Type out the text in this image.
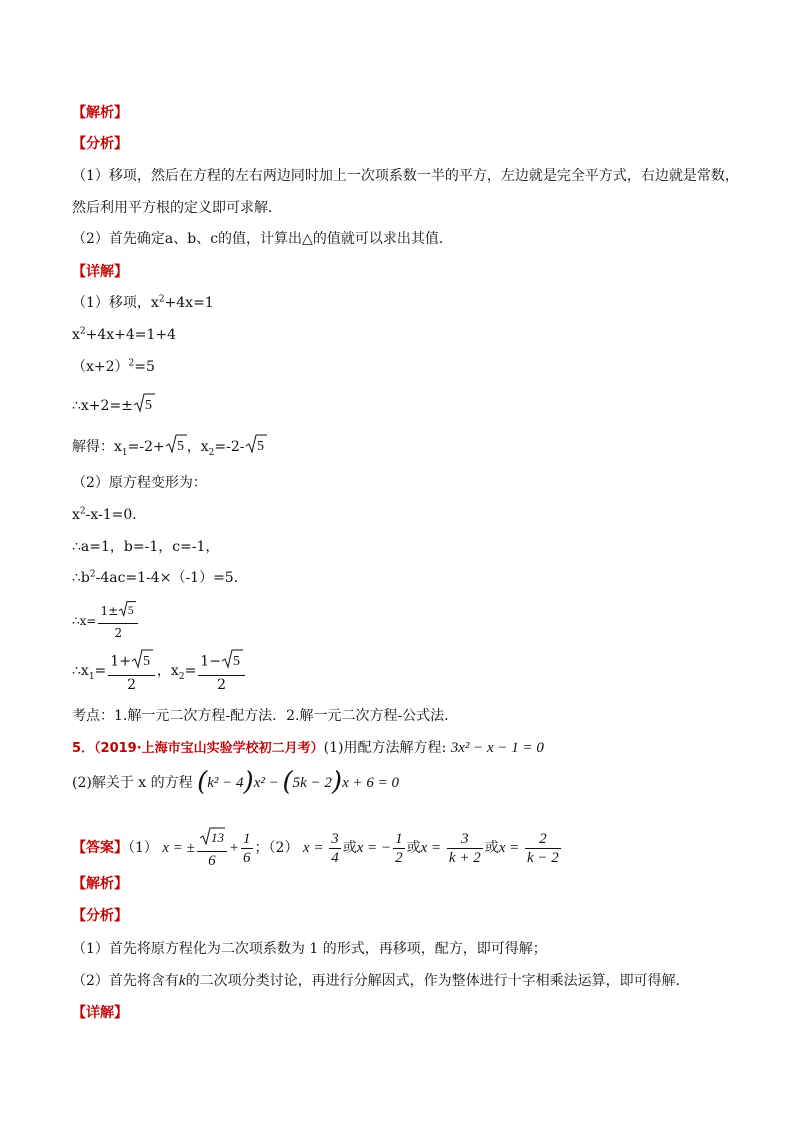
【解析】
【分析】
（1）移项，然后在方程的左右两边同时加上一次项系数一半的平方，左边就是完全平方式，右边就是常数，
然后利用平方根的定义即可求解．
（2）首先确定a、b、c的值，计算出△的值就可以求出其值．
【详解】
（1）移项，$x^2+4x=1$
$x^2+4x+4=1+4$
$(x+2)^2=5$
∴x+2=± 5
解得：$x_1=-2+ 5$ ，$x_2=-2-$ 5
（2）原方程变形为：
$x^2-x-1=0$．
∴a=1，b=-1，c=-1，
$\therefore b^2-4ac=1-4\times(-1)=5$．
∴x= $\frac{1\pm 5}{2}$
$\therefore x_1= \frac{1+ 5}{2}$ ，$x_2= \frac{1- 5}{2}$
考点：1.解一元二次方程-配方法．2.解一元二次方程-公式法．
5．（2019·上海市宝山实验学校初二月考）(1)用配方法解方程: 3x² − x − 1 = 0
(2)解关于 x 的方程 (k² − 4)x² − (5k − 2)x + 6 = 0
【答案】（1） x = ± $\frac{13}{6} + \frac{1}{6}$ ；（2） $x = \frac{3}{4}$ 或x = − $\frac{1}{2}$ 或$x = \frac{3}{k + 2}$ 或$x = \frac{2}{k - 2}$
【解析】
【分析】
（1）首先将原方程化为二次项系数为 1 的形式，再移项，配方，即可得解；
（2）首先将含有k的二次项分类讨论，再进行分解因式，作为整体进行十字相乘法运算，即可得解.
【详解】
